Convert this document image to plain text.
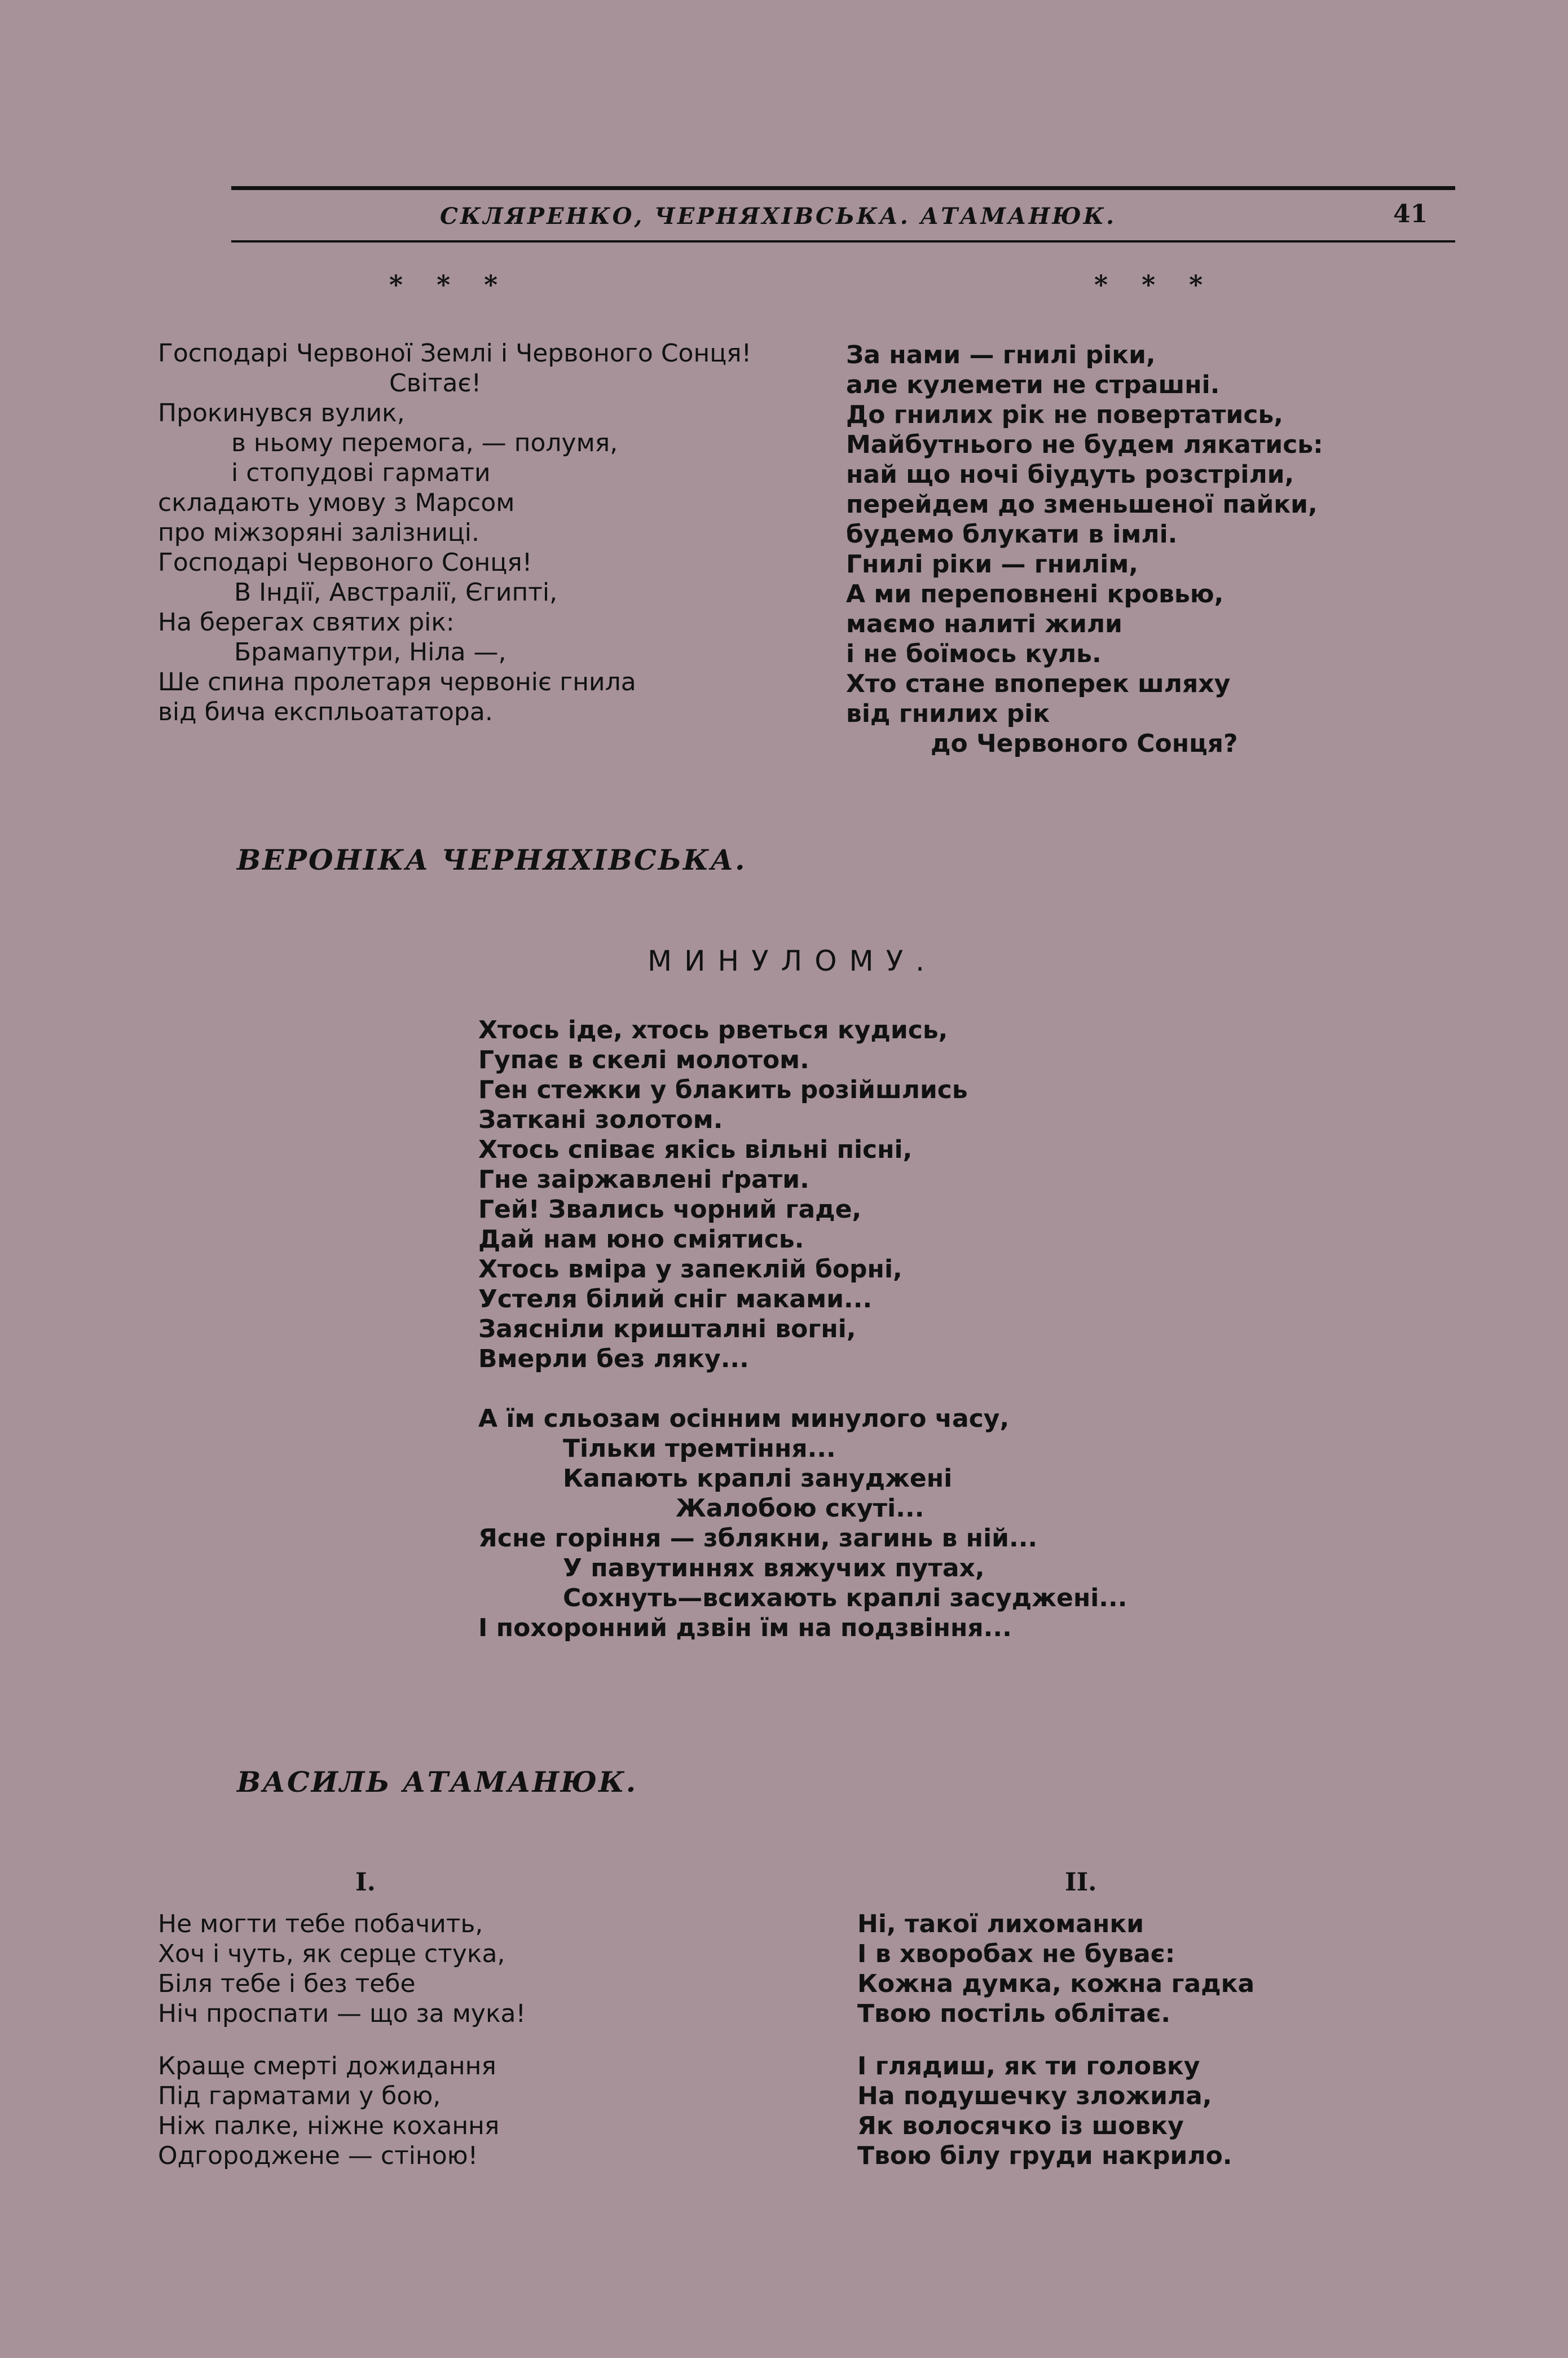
СКЛЯРЕНКО, ЧЕРНЯХІВСЬКА. АТАМАНЮК.	41
* * *
Господарі Червоної Землі і Червоного Сонця!
Світає!
Прокинувся вулик,
в ньому перемога, — полумя,
і стопудові гармати
складають умову з Марсом
про міжзоряні залізниці.
Господарі Червоного Сонця!
В Індії, Австралії, Єгипті,
На берегах святих рік:
Брамапутри, Ніла —,
Ше спина пролетаря червоніє гнила
від бича експльоататора.
* * *
За нами — гнилі ріки,
але кулемети не страшні.
До гнилих рік не повертатись,
Майбутнього не будем лякатись:
най що ночі біудуть розстріли,
перейдем до зменьшеної пайки,
будемо блукати в імлі.
Гнилі ріки — гнилім,
А ми переповнені кровью,
маємо налиті жили
і не боїмось куль.
Хто стане впоперек шляху
від гнилих рік
до Червоного Сонця?
ВЕРОНІКА ЧЕРНЯХІВСЬКА.
МИНУЛОМУ.
Хтось іде, хтось рветься кудись,
Гупає в скелі молотом.
Ген стежки у блакить розійшлись
Заткані золотом.
Хтось співає якісь вільні пісні,
Гне заіржавлені ґрати.
Гей! Звались чорний гаде,
Дай нам юно сміятись.
Хтось вміра у запеклій борні,
Устеля білий сніг маками...
Заясніли кришталні вогні,
Вмерли без ляку...
А їм сльозам осінним минулого часу,
Тільки тремтіння...
Капають краплі зануджені
Жалобою скуті...
Ясне горіння — зблякни, загинь в ній...
У павутиннях вяжучих путах,
Сохнуть—всихають краплі засуджені...
І похоронний дзвін їм на подзвіння...
ВАСИЛЬ АТАМАНЮК.
I.	II.
Не могти тебе побачить,
Хоч і чуть, як серце стука,
Біля тебе і без тебе
Ніч проспати — що за мука!
Краще смерті дожидання
Під гарматами у бою,
Ніж палке, ніжне кохання
Одгороджене — стіною!
Ні, такої лихоманки
І в хворобах не буває:
Кожна думка, кожна гадка
Твою постіль облітає.
І глядиш, як ти головку
На подушечку зложила,
Як волосячко із шовку
Твою білу груди накрило.
